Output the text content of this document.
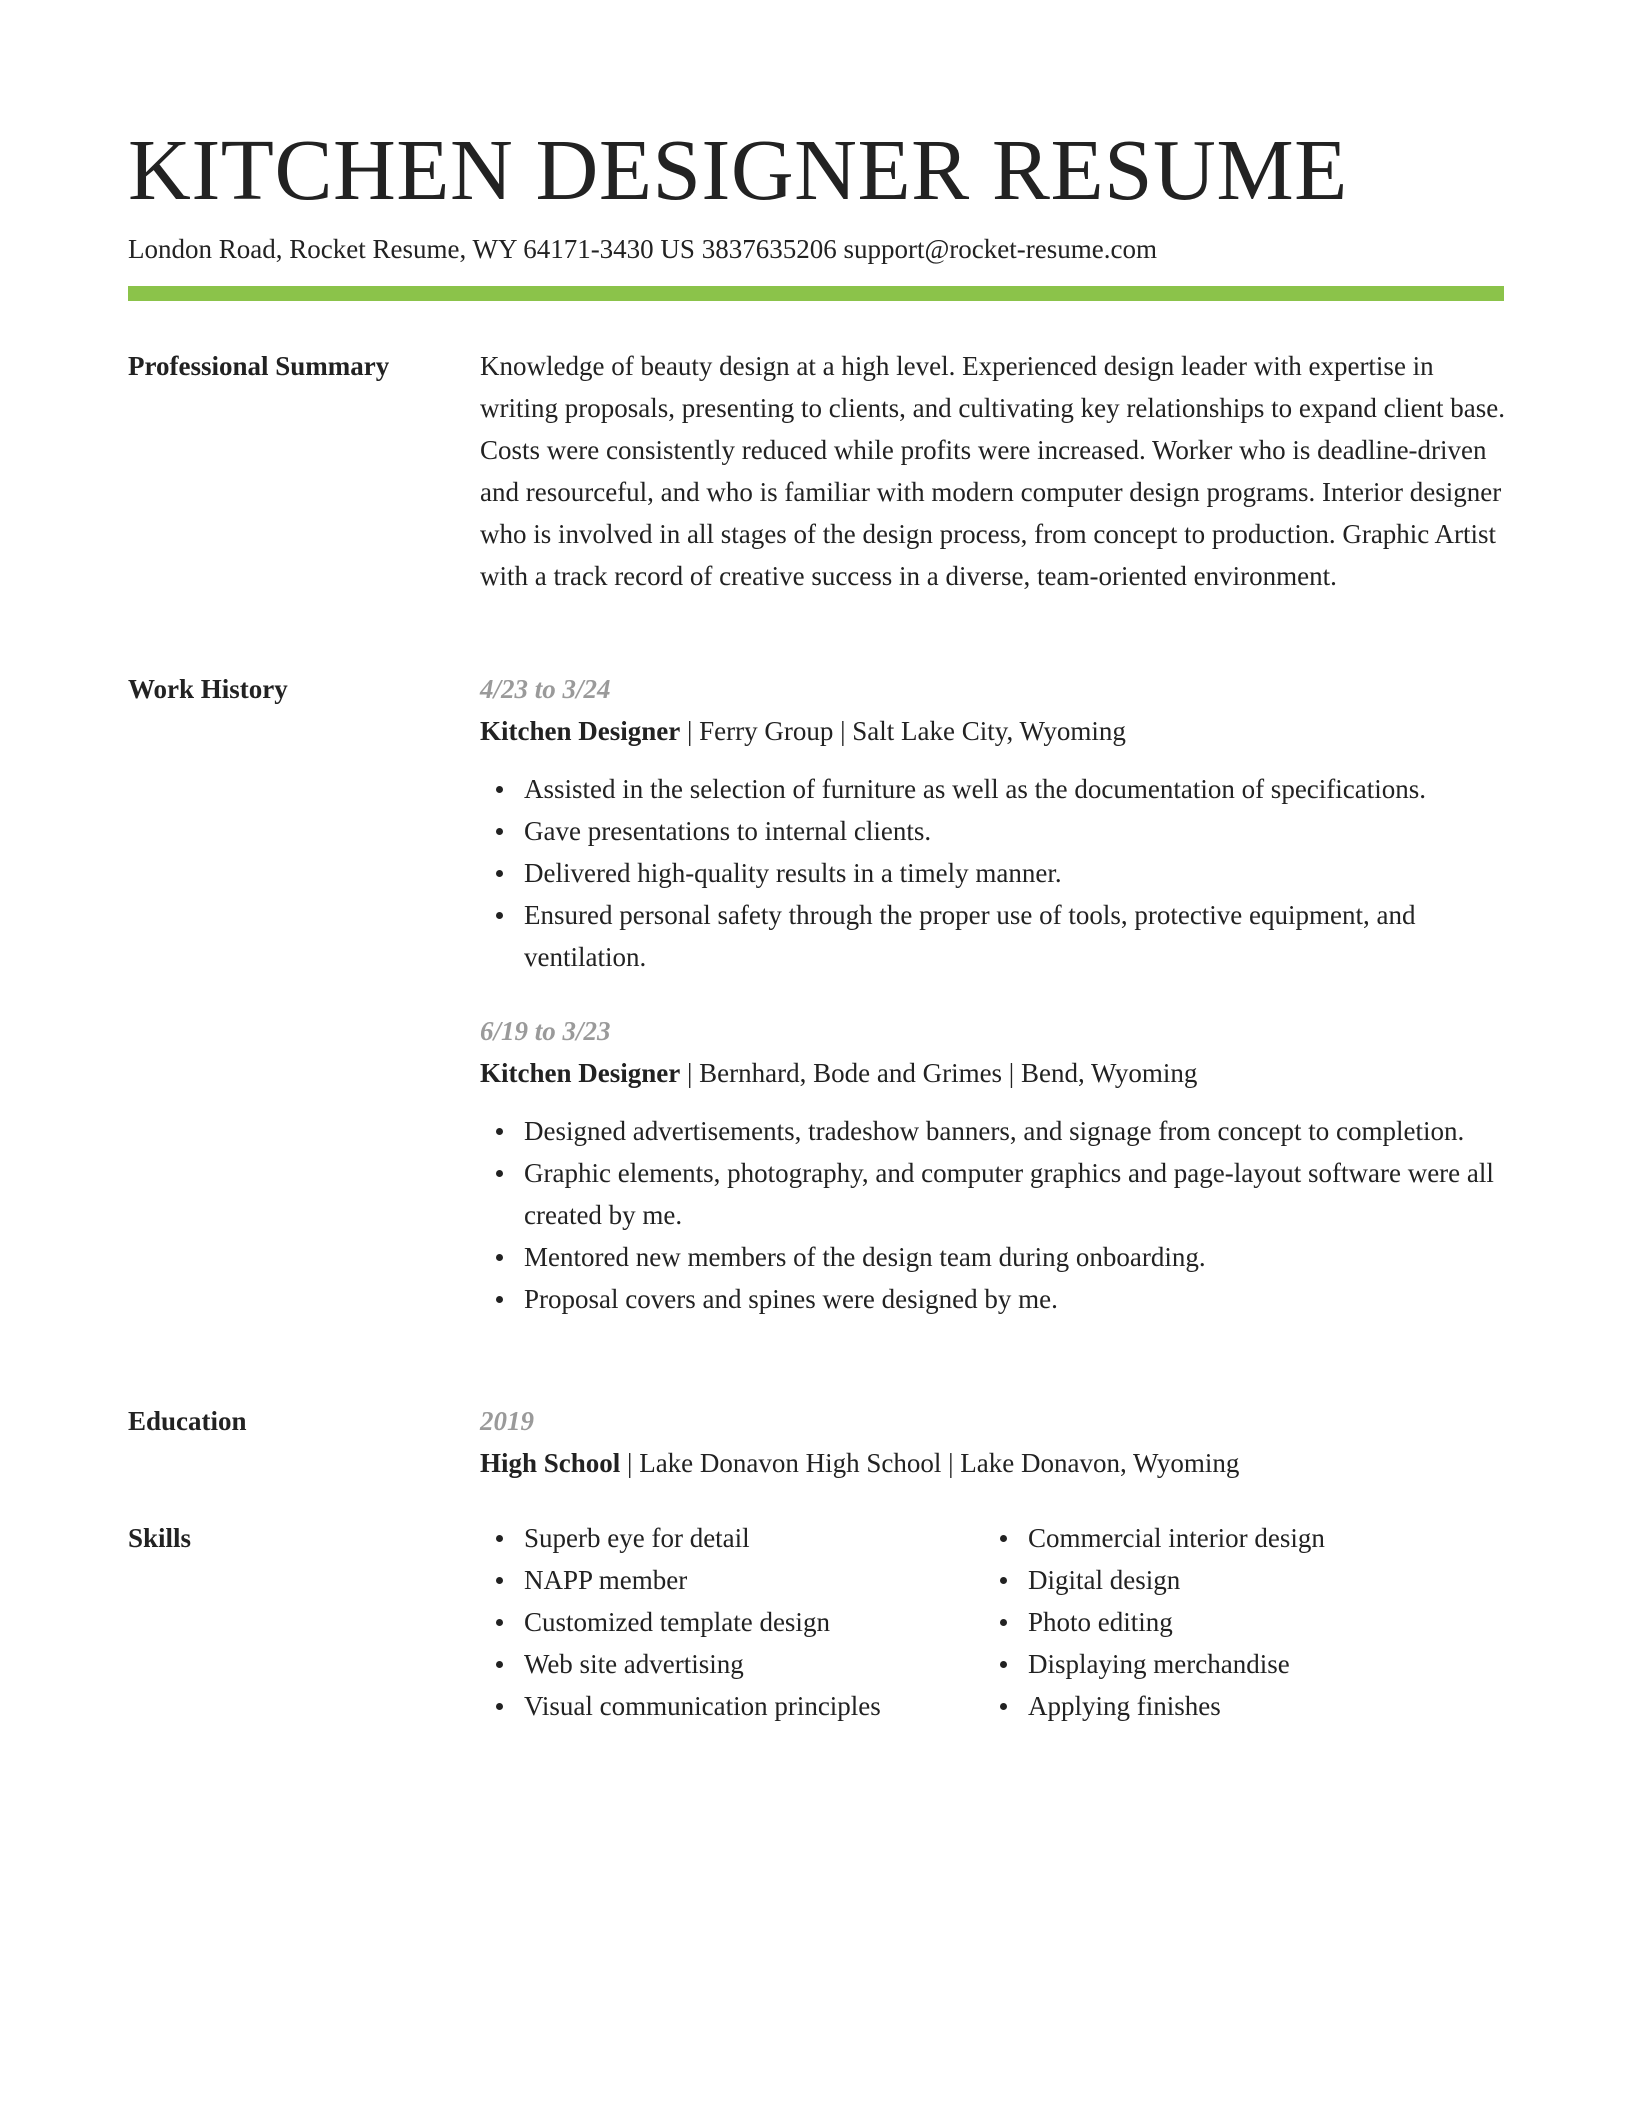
KITCHEN DESIGNER RESUME
London Road, Rocket Resume, WY 64171-3430 US 3837635206 support@rocket-resume.com
Professional Summary	Knowledge of beauty design at a high level. Experienced design leader with expertise in writing proposals, presenting to clients, and cultivating key relationships to expand client base. Costs were consistently reduced while profits were increased. Worker who is deadline-driven and resourceful, and who is familiar with modern computer design programs. Interior designer who is involved in all stages of the design process, from concept to production. Graphic Artist with a track record of creative success in a diverse, team-oriented environment.

Work History	4/23 to 3/24
Kitchen Designer | Ferry Group | Salt Lake City, Wyoming
Assisted in the selection of furniture as well as the documentation of specifications.
Gave presentations to internal clients.
Delivered high-quality results in a timely manner.
Ensured personal safety through the proper use of tools, protective equipment, and ventilation.
6/19 to 3/23
Kitchen Designer | Bernhard, Bode and Grimes | Bend, Wyoming
Designed advertisements, tradeshow banners, and signage from concept to completion.
Graphic elements, photography, and computer graphics and page-layout software were all created by me.
Mentored new members of the design team during onboarding.
Proposal covers and spines were designed by me.
Education	2019
High School | Lake Donavon High School | Lake Donavon, Wyoming
Skills	Superb eye for detail
NAPP member
Customized template design
Web site advertising
Visual communication principles
Commercial interior design
Digital design
Photo editing
Displaying merchandise
Applying finishes
